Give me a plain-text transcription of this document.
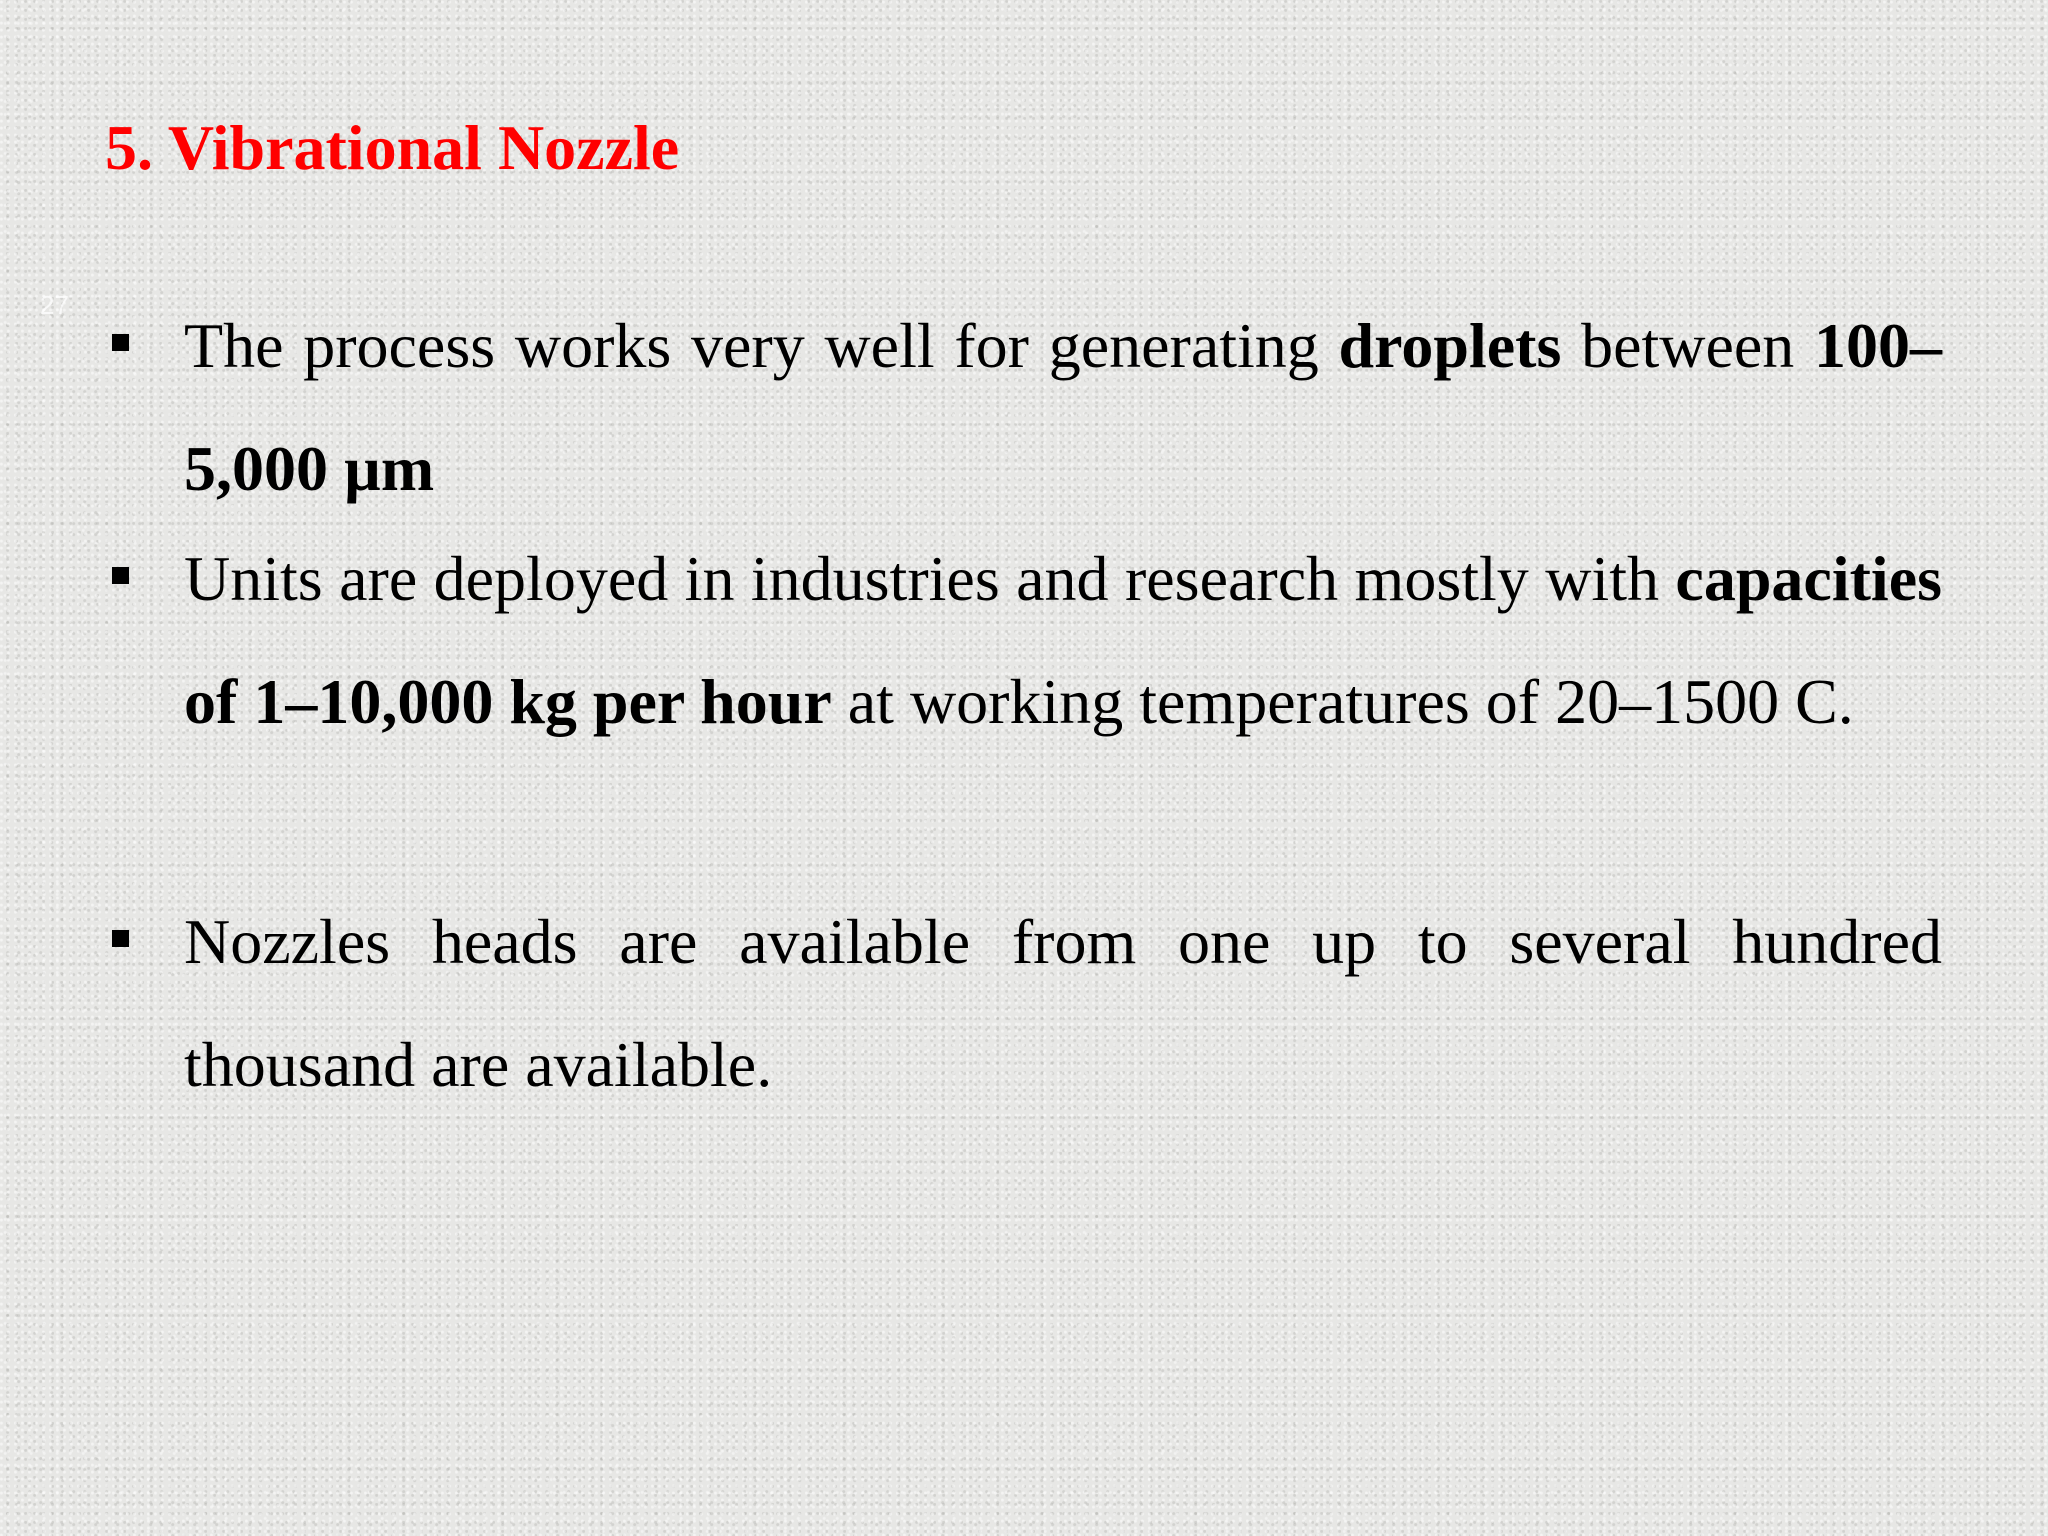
5. Vibrational Nozzle
27
The process works very well for generating droplets between 100–5,000 µm
Units are deployed in industries and research mostly with capacities of 1–10,000 kg per hour at working temperatures of 20–1500 C.
Nozzles heads are available from one up to several hundred thousand are available.
